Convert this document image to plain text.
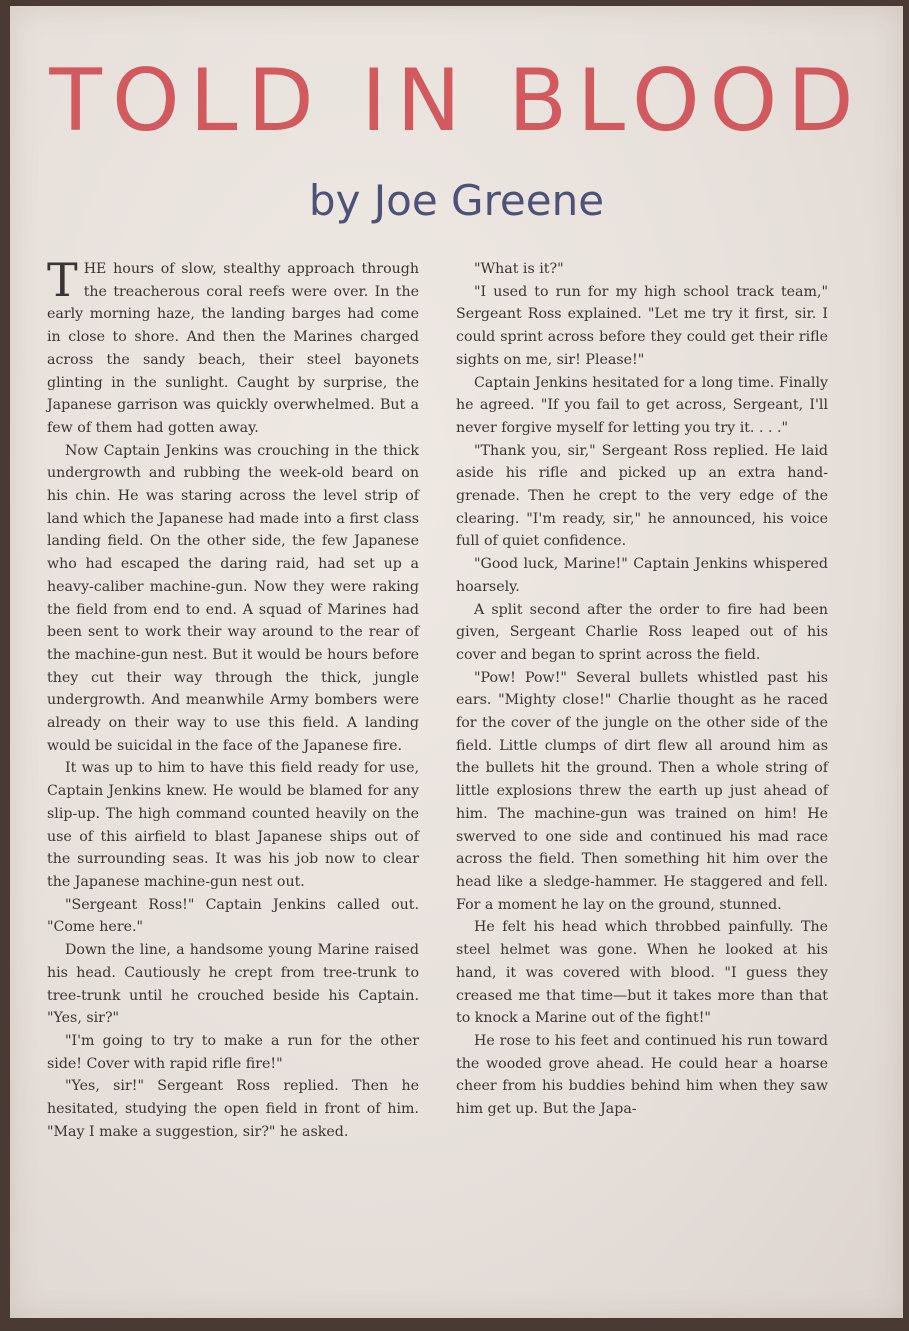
TOLD IN BLOOD
by Joe Greene

THE hours of slow, stealthy approach through the treacherous coral reefs were over. In the early morning haze, the landing barges had come in close to shore. And then the Marines charged across the sandy beach, their steel bayonets glinting in the sunlight. Caught by surprise, the Japanese garrison was quickly overwhelmed. But a few of them had gotten away.

Now Captain Jenkins was crouching in the thick undergrowth and rubbing the week-old beard on his chin. He was staring across the level strip of land which the Japanese had made into a first class landing field. On the other side, the few Japanese who had escaped the daring raid, had set up a heavy-caliber machine-gun. Now they were raking the field from end to end. A squad of Marines had been sent to work their way around to the rear of the machine-gun nest. But it would be hours before they cut their way through the thick, jungle undergrowth. And meanwhile Army bombers were already on their way to use this field. A landing would be suicidal in the face of the Japanese fire.

It was up to him to have this field ready for use, Captain Jenkins knew. He would be blamed for any slip-up. The high command counted heavily on the use of this airfield to blast Japanese ships out of the surrounding seas. It was his job now to clear the Japanese machine-gun nest out.

"Sergeant Ross!" Captain Jenkins called out. "Come here."

Down the line, a handsome young Marine raised his head. Cautiously he crept from tree-trunk to tree-trunk until he crouched beside his Captain. "Yes, sir?"

"I'm going to try to make a run for the other side! Cover with rapid rifle fire!"

"Yes, sir!" Sergeant Ross replied. Then he hesitated, studying the open field in front of him. "May I make a suggestion, sir?" he asked.

"What is it?"

"I used to run for my high school track team," Sergeant Ross explained. "Let me try it first, sir. I could sprint across before they could get their rifle sights on me, sir! Please!"

Captain Jenkins hesitated for a long time. Finally he agreed. "If you fail to get across, Sergeant, I'll never forgive myself for letting you try it. . . ."

"Thank you, sir," Sergeant Ross replied. He laid aside his rifle and picked up an extra hand-grenade. Then he crept to the very edge of the clearing. "I'm ready, sir," he announced, his voice full of quiet confidence.

"Good luck, Marine!" Captain Jenkins whispered hoarsely.

A split second after the order to fire had been given, Sergeant Charlie Ross leaped out of his cover and began to sprint across the field.

"Pow! Pow!" Several bullets whistled past his ears. "Mighty close!" Charlie thought as he raced for the cover of the jungle on the other side of the field. Little clumps of dirt flew all around him as the bullets hit the ground. Then a whole string of little explosions threw the earth up just ahead of him. The machine-gun was trained on him! He swerved to one side and continued his mad race across the field. Then something hit him over the head like a sledge-hammer. He staggered and fell. For a moment he lay on the ground, stunned.

He felt his head which throbbed painfully. The steel helmet was gone. When he looked at his hand, it was covered with blood. "I guess they creased me that time—but it takes more than that to knock a Marine out of the fight!"

He rose to his feet and continued his run toward the wooded grove ahead. He could hear a hoarse cheer from his buddies behind him when they saw him get up. But the Japa-
